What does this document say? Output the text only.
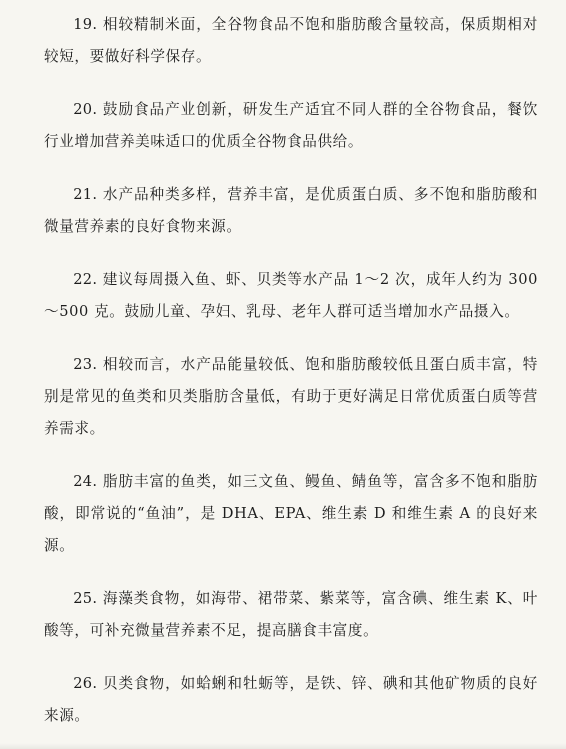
19. 相较精制米面，全谷物食品不饱和脂肪酸含量较高，保质期相对较短，要做好科学保存。

20. 鼓励食品产业创新，研发生产适宜不同人群的全谷物食品，餐饮行业增加营养美味适口的优质全谷物食品供给。

21. 水产品种类多样，营养丰富，是优质蛋白质、多不饱和脂肪酸和微量营养素的良好食物来源。

22. 建议每周摄入鱼、虾、贝类等水产品 1～2 次，成年人约为 300～500 克。鼓励儿童、孕妇、乳母、老年人群可适当增加水产品摄入。

23. 相较而言，水产品能量较低、饱和脂肪酸较低且蛋白质丰富，特别是常见的鱼类和贝类脂肪含量低，有助于更好满足日常优质蛋白质等营养需求。

24. 脂肪丰富的鱼类，如三文鱼、鳗鱼、鲭鱼等，富含多不饱和脂肪酸，即常说的“鱼油”，是 DHA、EPA、维生素 D 和维生素 A 的良好来源。

25. 海藻类食物，如海带、裙带菜、紫菜等，富含碘、维生素 K、叶酸等，可补充微量营养素不足，提高膳食丰富度。

26. 贝类食物，如蛤蜊和牡蛎等，是铁、锌、碘和其他矿物质的良好来源。
